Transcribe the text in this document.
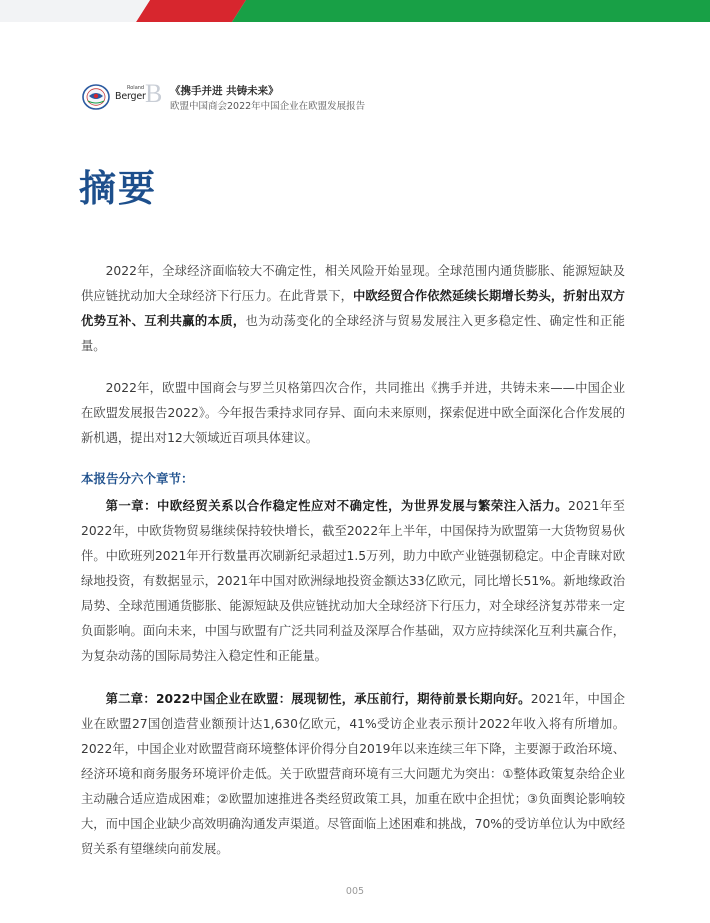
Roland
Berger B 《携手并进 共铸未来》
欧盟中国商会2022年中国企业在欧盟发展报告
摘要

2022年，全球经济面临较大不确定性，相关风险开始显现。全球范围内通货膨胀、能源短缺及供应链扰动加大全球经济下行压力。在此背景下，中欧经贸合作依然延续长期增长势头，折射出双方优势互补、互利共赢的本质，也为动荡变化的全球经济与贸易发展注入更多稳定性、确定性和正能量。

2022年，欧盟中国商会与罗兰贝格第四次合作，共同推出《携手并进，共铸未来——中国企业在欧盟发展报告2022》。今年报告秉持求同存异、面向未来原则，探索促进中欧全面深化合作发展的新机遇，提出对12大领域近百项具体建议。

本报告分六个章节：

第一章：中欧经贸关系以合作稳定性应对不确定性，为世界发展与繁荣注入活力。2021年至2022年，中欧货物贸易继续保持较快增长，截至2022年上半年，中国保持为欧盟第一大货物贸易伙伴。中欧班列2021年开行数量再次刷新纪录超过1.5万列，助力中欧产业链强韧稳定。中企青睐对欧绿地投资，有数据显示，2021年中国对欧洲绿地投资金额达33亿欧元，同比增长51%。新地缘政治局势、全球范围通货膨胀、能源短缺及供应链扰动加大全球经济下行压力，对全球经济复苏带来一定负面影响。面向未来，中国与欧盟有广泛共同利益及深厚合作基础，双方应持续深化互利共赢合作，为复杂动荡的国际局势注入稳定性和正能量。

第二章：2022中国企业在欧盟：展现韧性，承压前行，期待前景长期向好。2021年，中国企业在欧盟27国创造营业额预计达1,630亿欧元，41%受访企业表示预计2022年收入将有所增加。2022年，中国企业对欧盟营商环境整体评价得分自2019年以来连续三年下降，主要源于政治环境、经济环境和商务服务环境评价走低。关于欧盟营商环境有三大问题尤为突出：①整体政策复杂给企业主动融合适应造成困难；②欧盟加速推进各类经贸政策工具，加重在欧中企担忧；③负面舆论影响较大，而中国企业缺少高效明确沟通发声渠道。尽管面临上述困难和挑战，70%的受访单位认为中欧经贸关系有望继续向前发展。

005
